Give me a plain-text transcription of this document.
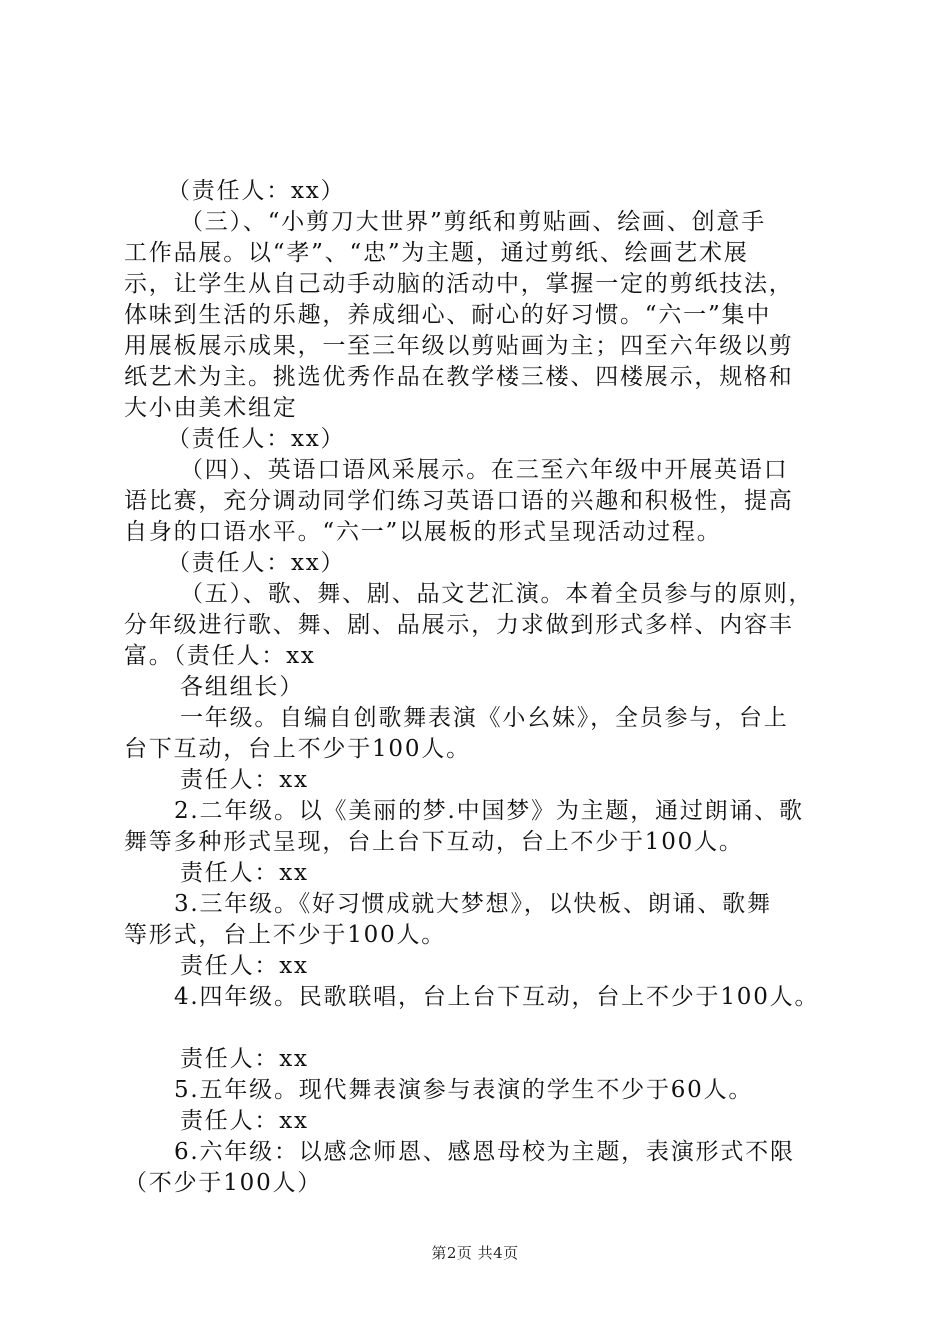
（责任人：xx）
（三）、“小剪刀大世界”剪纸和剪贴画、绘画、创意手
工作品展。以“孝”、“忠”为主题，通过剪纸、绘画艺术展
示，让学生从自己动手动脑的活动中，掌握一定的剪纸技法，
体味到生活的乐趣，养成细心、耐心的好习惯。“六一”集中
用展板展示成果，一至三年级以剪贴画为主；四至六年级以剪
纸艺术为主。挑选优秀作品在教学楼三楼、四楼展示，规格和
大小由美术组定
（责任人：xx）
（四）、英语口语风采展示。在三至六年级中开展英语口
语比赛，充分调动同学们练习英语口语的兴趣和积极性，提高
自身的口语水平。“六一”以展板的形式呈现活动过程。
（责任人：xx）
（五）、歌、舞、剧、品文艺汇演。本着全员参与的原则，
分年级进行歌、舞、剧、品展示，力求做到形式多样、内容丰
富。（责任人：xx
各组组长）
一年级。自编自创歌舞表演《小幺妹》，全员参与，台上
台下互动，台上不少于100人。
责任人：xx
2.二年级。以《美丽的梦.中国梦》为主题，通过朗诵、歌
舞等多种形式呈现，台上台下互动，台上不少于100人。
责任人：xx
3.三年级。《好习惯成就大梦想》，以快板、朗诵、歌舞
等形式，台上不少于100人。
责任人：xx
4.四年级。民歌联唱，台上台下互动，台上不少于100人。
责任人：xx
5.五年级。现代舞表演参与表演的学生不少于60人。
责任人：xx
6.六年级：以感念师恩、感恩母校为主题，表演形式不限
（不少于100人）
第2页 共4页
